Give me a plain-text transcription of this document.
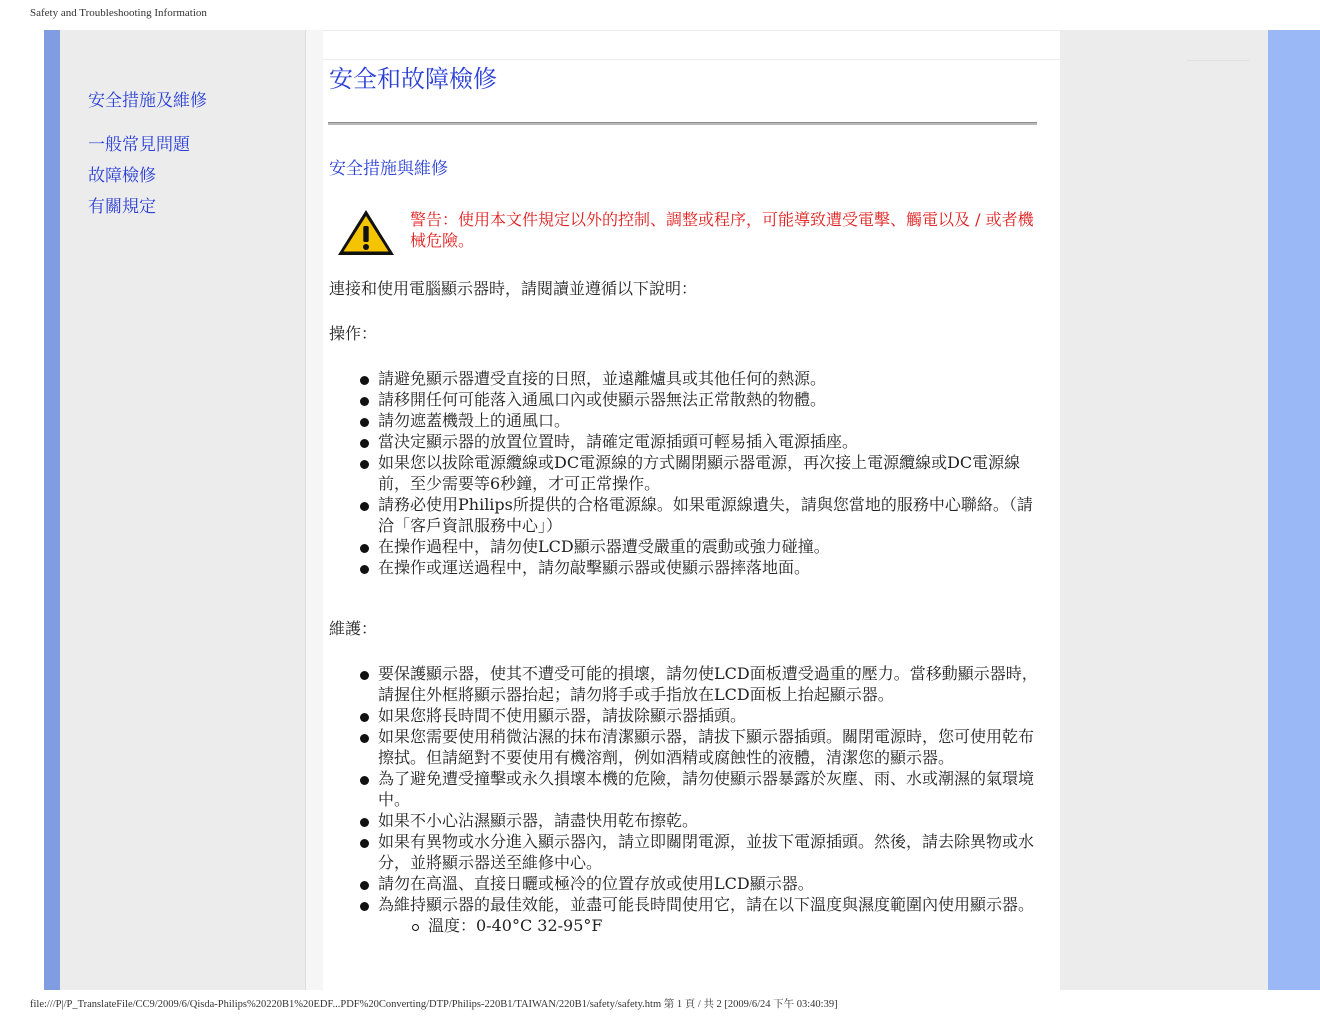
Safety and Troubleshooting Information
安全措施及維修
一般常見問題
故障檢修
有關規定
安全和故障檢修
安全措施與維修
警告：使用本文件規定以外的控制、調整或程序，可能導致遭受電擊、觸電以及 / 或者機械危險。

連接和使用電腦顯示器時，請閱讀並遵循以下說明：

操作：

請避免顯示器遭受直接的日照，並遠離爐具或其他任何的熱源。
請移開任何可能落入通風口內或使顯示器無法正常散熱的物體。
請勿遮蓋機殼上的通風口。
當決定顯示器的放置位置時，請確定電源插頭可輕易插入電源插座。
如果您以拔除電源纜線或DC電源線的方式關閉顯示器電源，再次接上電源纜線或DC電源線前，至少需要等6秒鐘，才可正常操作。
請務必使用Philips所提供的合格電源線。如果電源線遺失，請與您當地的服務中心聯絡。（請洽「客戶資訊服務中心」）
在操作過程中，請勿使LCD顯示器遭受嚴重的震動或強力碰撞。
在操作或運送過程中，請勿敲擊顯示器或使顯示器摔落地面。

維護：

要保護顯示器，使其不遭受可能的損壞，請勿使LCD面板遭受過重的壓力。當移動顯示器時，請握住外框將顯示器抬起；請勿將手或手指放在LCD面板上抬起顯示器。
如果您將長時間不使用顯示器，請拔除顯示器插頭。
如果您需要使用稍微沾濕的抹布清潔顯示器，請拔下顯示器插頭。關閉電源時，您可使用乾布擦拭。但請絕對不要使用有機溶劑，例如酒精或腐蝕性的液體，清潔您的顯示器。
為了避免遭受撞擊或永久損壞本機的危險，請勿使顯示器暴露於灰塵、雨、水或潮濕的氣環境中。
如果不小心沾濕顯示器，請盡快用乾布擦乾。
如果有異物或水分進入顯示器內，請立即關閉電源，並拔下電源插頭。然後，請去除異物或水分，並將顯示器送至維修中心。
請勿在高溫、直接日曬或極冷的位置存放或使用LCD顯示器。
為維持顯示器的最佳效能，並盡可能長時間使用它，請在以下溫度與濕度範圍內使用顯示器。
溫度：0-40°C 32-95°F
file:///P|/P_TranslateFile/CC9/2009/6/Qisda-Philips%20220B1%20EDF...PDF%20Converting/DTP/Philips-220B1/TAIWAN/220B1/safety/safety.htm 第 1 頁 / 共 2 [2009/6/24 下午 03:40:39]
